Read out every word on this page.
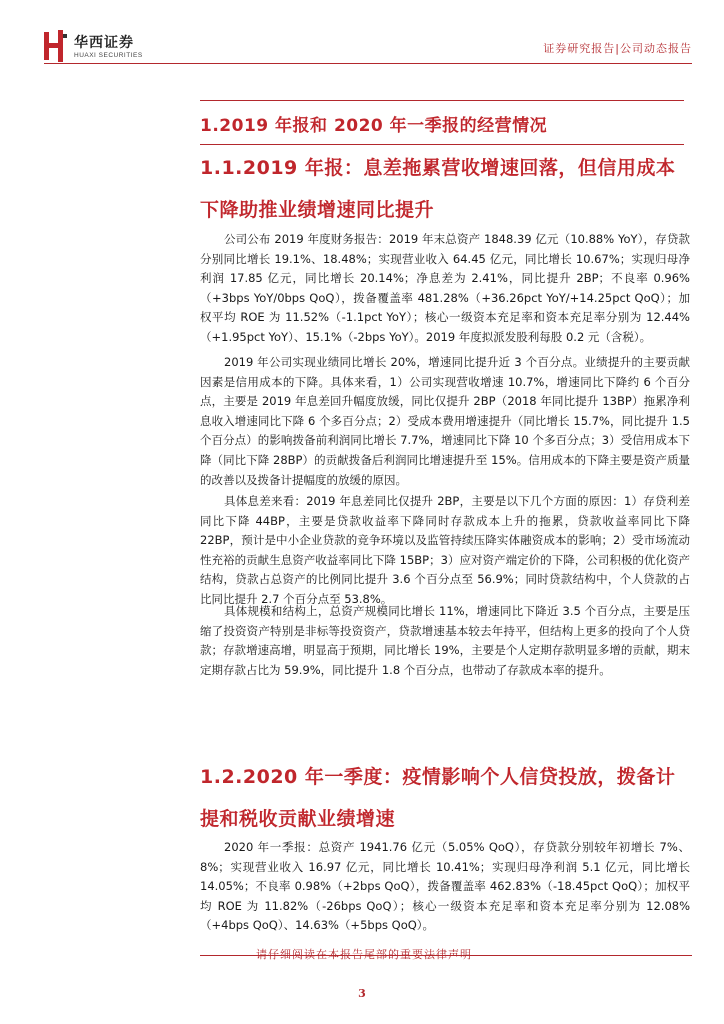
华西证券
HUAXI SECURITIES
证券研究报告|公司动态报告
1.2019 年报和 2020 年一季报的经营情况
1.1.2019 年报：息差拖累营收增速回落，但信用成本下降助推业绩增速同比提升

公司公布 2019 年度财务报告：2019 年末总资产 1848.39 亿元（10.88% YoY），存贷款分别同比增长 19.1%、18.48%；实现营业收入 64.45 亿元，同比增长 10.67%；实现归母净利润 17.85 亿元，同比增长 20.14%；净息差为 2.41%，同比提升 2BP；不良率 0.96%（+3bps YoY/0bps QoQ），拨备覆盖率 481.28%（+36.26pct YoY/+14.25pct QoQ）；加权平均 ROE 为 11.52%（-1.1pct YoY）；核心一级资本充足率和资本充足率分别为 12.44%（+1.95pct YoY）、15.1%（-2bps YoY）。2019 年度拟派发股利每股 0.2 元（含税）。

2019 年公司实现业绩同比增长 20%，增速同比提升近 3 个百分点。业绩提升的主要贡献因素是信用成本的下降。具体来看，1）公司实现营收增速 10.7%，增速同比下降约 6 个百分点，主要是 2019 年息差回升幅度放缓，同比仅提升 2BP（2018 年同比提升 13BP）拖累净利息收入增速同比下降 6 个多百分点；2）受成本费用增速提升（同比增长 15.7%，同比提升 1.5 个百分点）的影响拨备前利润同比增长 7.7%，增速同比下降 10 个多百分点；3）受信用成本下降（同比下降 28BP）的贡献拨备后利润同比增速提升至 15%。信用成本的下降主要是资产质量的改善以及拨备计提幅度的放缓的原因。

具体息差来看：2019 年息差同比仅提升 2BP，主要是以下几个方面的原因：1）存贷利差同比下降 44BP，主要是贷款收益率下降同时存款成本上升的拖累，贷款收益率同比下降 22BP，预计是中小企业贷款的竞争环境以及监管持续压降实体融资成本的影响；2）受市场流动性充裕的贡献生息资产收益率同比下降 15BP；3）应对资产端定价的下降，公司积极的优化资产结构，贷款占总资产的比例同比提升 3.6 个百分点至 56.9%；同时贷款结构中，个人贷款的占比同比提升 2.7 个百分点至 53.8%。

具体规模和结构上，总资产规模同比增长 11%，增速同比下降近 3.5 个百分点，主要是压缩了投资资产特别是非标等投资资产，贷款增速基本较去年持平，但结构上更多的投向了个人贷款；存款增速高增，明显高于预期，同比增长 19%，主要是个人定期存款明显多增的贡献，期末定期存款占比为 59.9%，同比提升 1.8 个百分点，也带动了存款成本率的提升。

1.2.2020 年一季度：疫情影响个人信贷投放，拨备计提和税收贡献业绩增速

2020 年一季报：总资产 1941.76 亿元（5.05% QoQ），存贷款分别较年初增长 7%、8%；实现营业收入 16.97 亿元，同比增长 10.41%；实现归母净利润 5.1 亿元，同比增长 14.05%；不良率 0.98%（+2bps QoQ），拨备覆盖率 462.83%（-18.45pct QoQ）；加权平均 ROE 为 11.82%（-26bps QoQ）；核心一级资本充足率和资本充足率分别为 12.08%（+4bps QoQ）、14.63%（+5bps QoQ）。

请仔细阅读在本报告尾部的重要法律声明
3
